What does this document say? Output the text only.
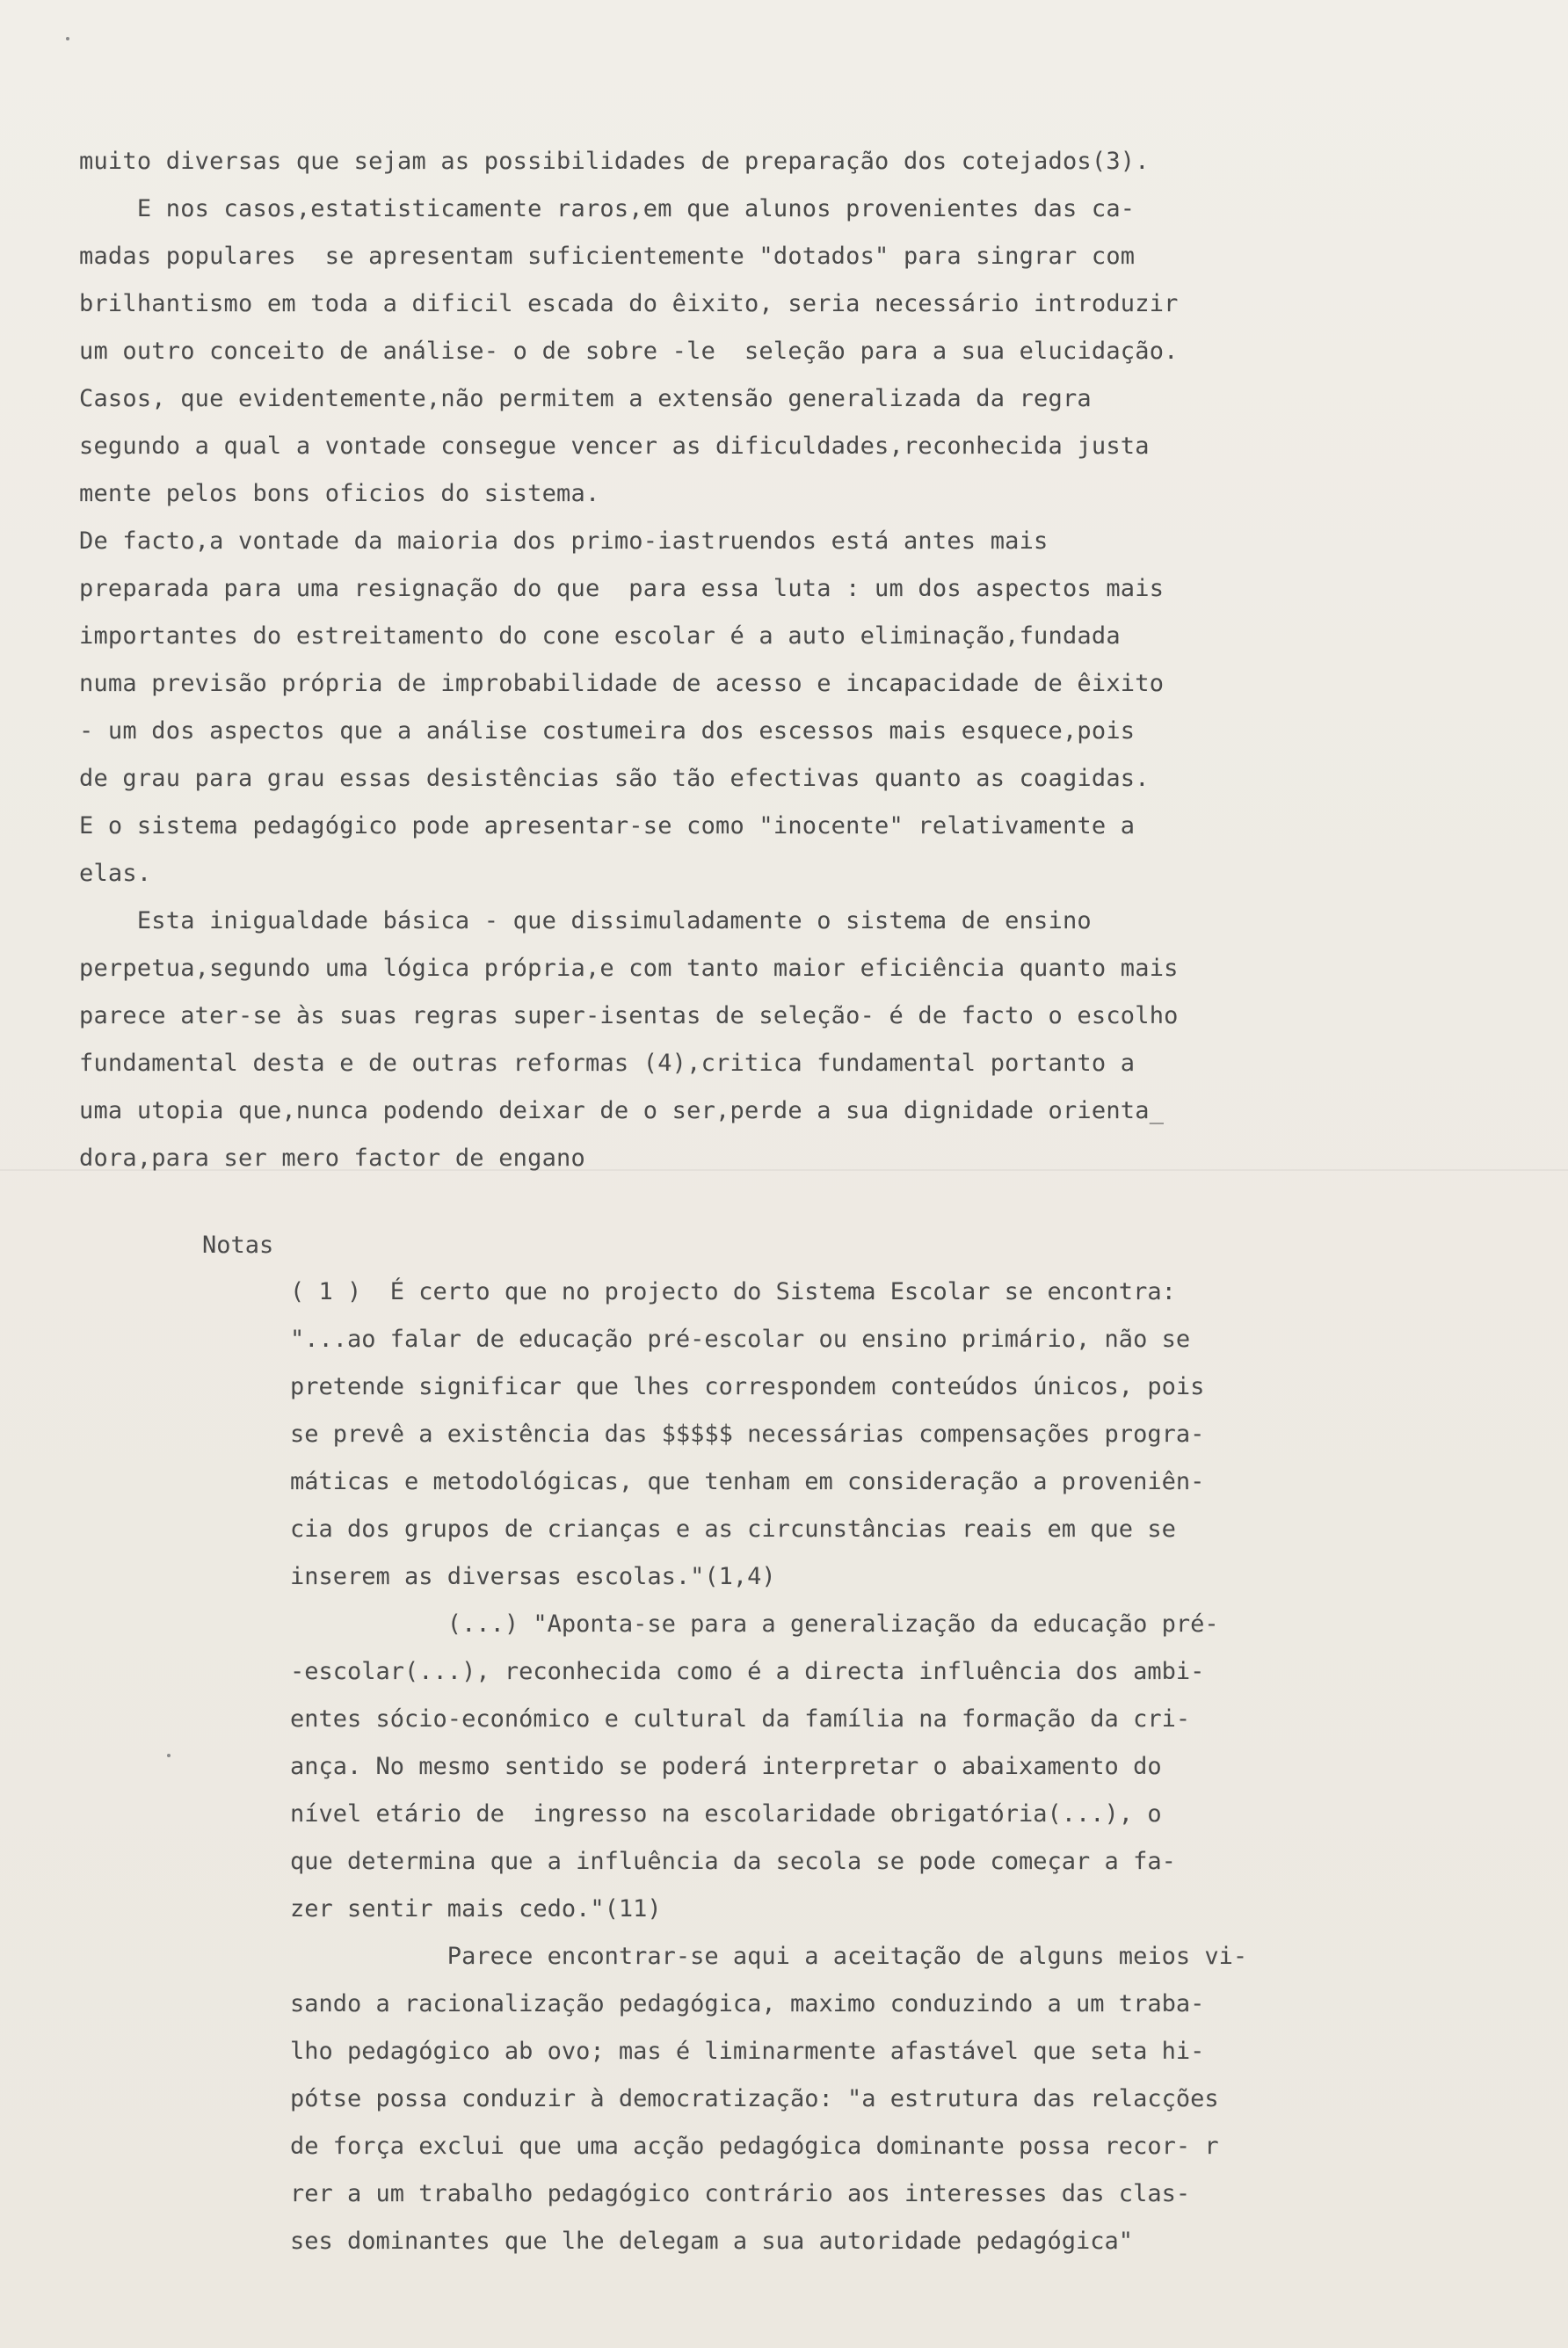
muito diversas que sejam as possibilidades de preparação dos cotejados(3).
E nos casos,estatisticamente raros,em que alunos provenientes das ca-
madas populares  se apresentam suficientemente "dotados" para singrar com
brilhantismo em toda a dificil escada do êixito, seria necessário introduzir
um outro conceito de análise- o de sobre -le  seleção para a sua elucidação.
Casos, que evidentemente,não permitem a extensão generalizada da regra
segundo a qual a vontade consegue vencer as dificuldades,reconhecida justa
mente pelos bons oficios do sistema.
De facto,a vontade da maioria dos primo-iastruendos está antes mais
preparada para uma resignação do que  para essa luta : um dos aspectos mais
importantes do estreitamento do cone escolar é a auto eliminação,fundada
numa previsão própria de improbabilidade de acesso e incapacidade de êixito
- um dos aspectos que a análise costumeira dos escessos mais esquece,pois
de grau para grau essas desistências são tão efectivas quanto as coagidas.
E o sistema pedagógico pode apresentar-se como "inocente" relativamente a
elas.
Esta inigualdade básica - que dissimuladamente o sistema de ensino
perpetua,segundo uma lógica própria,e com tanto maior eficiência quanto mais
parece ater-se às suas regras super-isentas de seleção- é de facto o escolho
fundamental desta e de outras reformas (4),critica fundamental portanto a
uma utopia que,nunca podendo deixar de o ser,perde a sua dignidade orienta_
dora,para ser mero factor de engano
Notas
( 1 )  É certo que no projecto do Sistema Escolar se encontra:
"...ao falar de educação pré-escolar ou ensino primário, não se
pretende significar que lhes correspondem conteúdos únicos, pois
se prevê a existência das $$$$$ necessárias compensações progra-
máticas e metodológicas, que tenham em consideração a proveniên-
cia dos grupos de crianças e as circunstâncias reais em que se
inserem as diversas escolas."(1,4)
(...) "Aponta-se para a generalização da educação pré-
-escolar(...), reconhecida como é a directa influência dos ambi-
entes sócio-económico e cultural da família na formação da cri-
ança. No mesmo sentido se poderá interpretar o abaixamento do
nível etário de  ingresso na escolaridade obrigatória(...), o
que determina que a influência da secola se pode começar a fa-
zer sentir mais cedo."(11)
Parece encontrar-se aqui a aceitação de alguns meios vi-
sando a racionalização pedagógica, maximo conduzindo a um traba-
lho pedagógico ab ovo; mas é liminarmente afastável que seta hi-
pótse possa conduzir à democratização: "a estrutura das relacções
de força exclui que uma acção pedagógica dominante possa recor- r
rer a um trabalho pedagógico contrário aos interesses das clas-
ses dominantes que lhe delegam a sua autoridade pedagógica"
